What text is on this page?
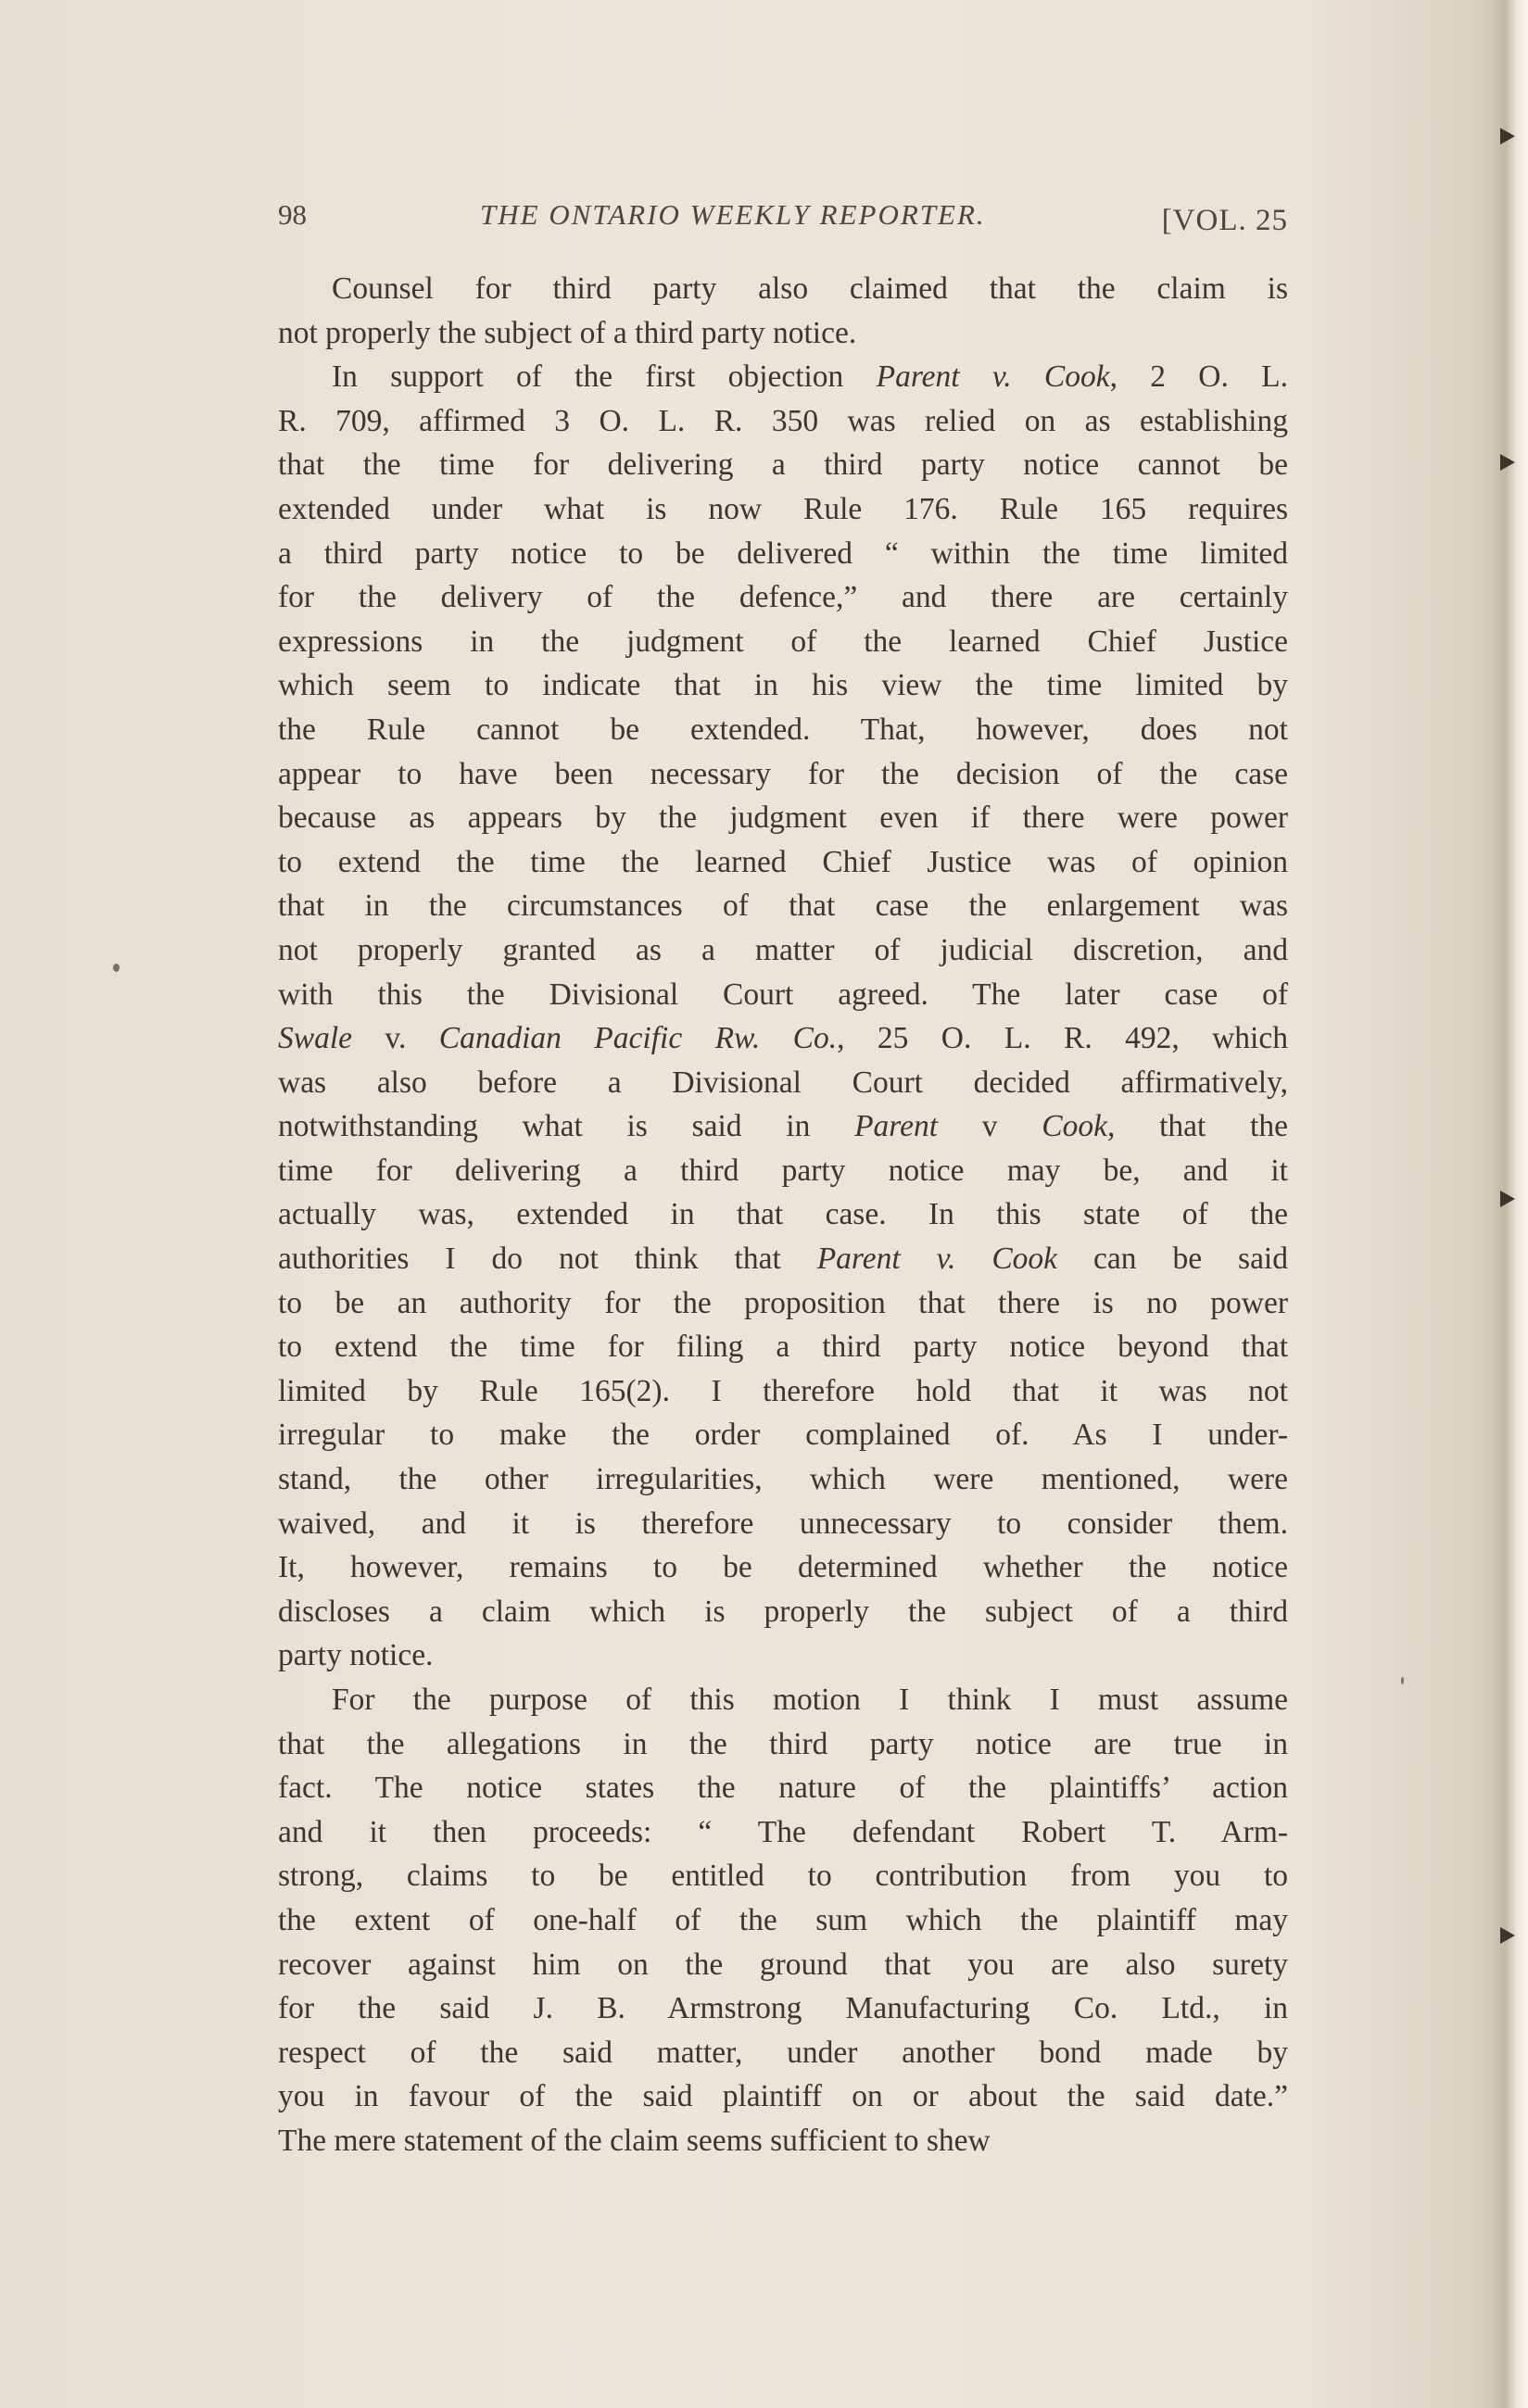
98	THE ONTARIO WEEKLY REPORTER.	[VOL. 25
Counsel for third party also claimed that the claim is
not properly the subject of a third party notice.
In support of the first objection Parent v. Cook, 2 O. L.
R. 709, affirmed 3 O. L. R. 350 was relied on as establishing
that the time for delivering a third party notice cannot be
extended under what is now Rule 176. Rule 165 requires
a third party notice to be delivered “ within the time limited
for the delivery of the defence,” and there are certainly
expressions in the judgment of the learned Chief Justice
which seem to indicate that in his view the time limited by
the Rule cannot be extended. That, however, does not
appear to have been necessary for the decision of the case
because as appears by the judgment even if there were power
to extend the time the learned Chief Justice was of opinion
that in the circumstances of that case the enlargement was
not properly granted as a matter of judicial discretion, and
with this the Divisional Court agreed. The later case of
Swale v. Canadian Pacific Rw. Co., 25 O. L. R. 492, which
was also before a Divisional Court decided affirmatively,
notwithstanding what is said in Parent v Cook, that the
time for delivering a third party notice may be, and it
actually was, extended in that case. In this state of the
authorities I do not think that Parent v. Cook can be said
to be an authority for the proposition that there is no power
to extend the time for filing a third party notice beyond that
limited by Rule 165(2). I therefore hold that it was not
irregular to make the order complained of. As I under-
stand, the other irregularities, which were mentioned, were
waived, and it is therefore unnecessary to consider them.
It, however, remains to be determined whether the notice
discloses a claim which is properly the subject of a third
party notice.
For the purpose of this motion I think I must assume
that the allegations in the third party notice are true in
fact. The notice states the nature of the plaintiffs’ action
and it then proceeds: “ The defendant Robert T. Arm-
strong, claims to be entitled to contribution from you to
the extent of one-half of the sum which the plaintiff may
recover against him on the ground that you are also surety
for the said J. B. Armstrong Manufacturing Co. Ltd., in
respect of the said matter, under another bond made by
you in favour of the said plaintiff on or about the said date.”
The mere statement of the claim seems sufficient to shew
